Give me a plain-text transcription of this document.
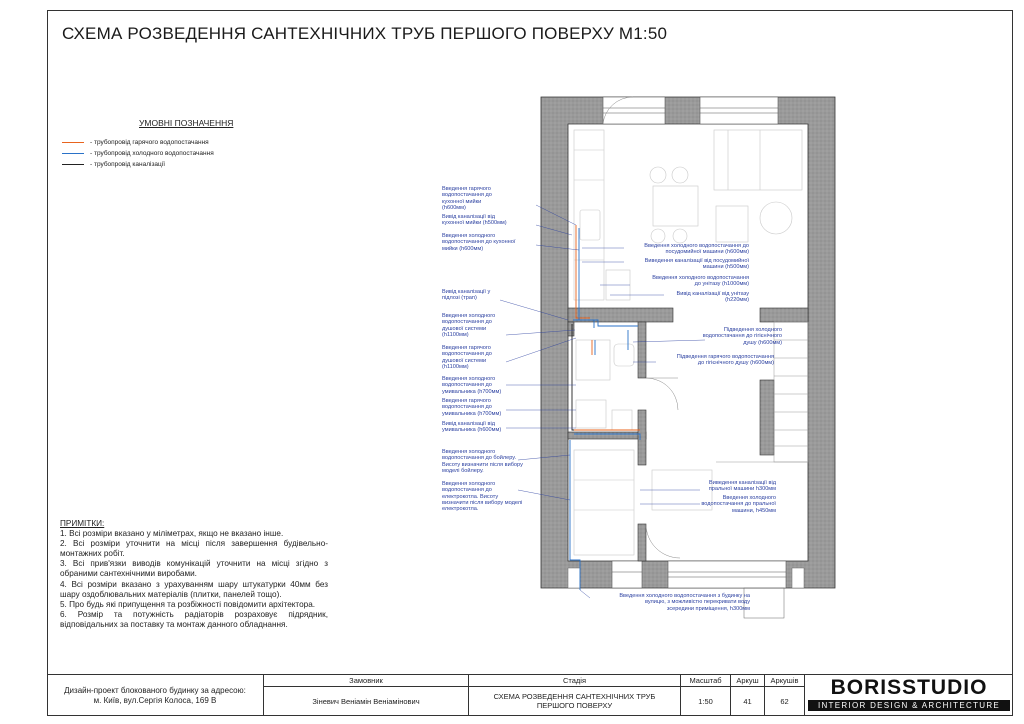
СХЕМА РОЗВЕДЕННЯ САНТЕХНІЧНИХ ТРУБ ПЕРШОГО ПОВЕРХУ М1:50
УМОВНІ ПОЗНАЧЕННЯ
- трубопровід гарячого водопостачання
- трубопровід холодного водопостачання
- трубопровід каналізації
Введення гарячого
водопостачання до
кухонної мийки
(h600мм)
Вивід каналізації від
кухонної мийки (h500мм)
Введення холодного
водопостачання до кухонної
мийки (h600мм)	Введення холодного водопостачання до
посудомийної машини (h600мм)
Виведення каналізації від посудомийної
машини (h500мм)
Введення холодного водопостачання
до унітазу (h1000мм)
Вивід каналізації від унітазу
(h220мм)
Вивід каналізації у
підлозі (трап)
Введення холодного
водопостачання до
душової системи
(h1100мм)
Введення гарячого
водопостачання до
душової системи
(h1100мм)
Введення холодного
водопостачання до
умивальника (h700мм)
Введення гарячого
водопостачання до
умивальника (h700мм)
Вивід каналізації від
умивальника (h600мм)
Підведення холодного
водопостачання до гігієнічного
душу (h600мм)
Підведення гарячого водопостачання
до гігієнічного душу (h600мм)
Введення холодного
водопостачання до бойлеру.
Висоту визначити після вибору
моделі бойлеру.
Введення холодного
водопостачання до
електрокотла. Висоту
визначити після вибору моделі
електрокотла.
Виведення каналізації від
пральної машини h300мм
Введення холодного
водопостачання до пральної
машини, h450мм
Введення холодного водопостачання з будинку на
вулицю, з можливістю перекривати воду
зсередини приміщення, h300мм
ПРИМІТКИ:

1. Всі розміри вказано у міліметрах, якщо не вказано інше.

2. Всі розміри уточнити на місці після завершення будівельно-монтажних робіт.

3. Всі прив'язки виводів комунікацій уточнити на місці згідно з обраними сантехнічними виробами.

4. Всі розміри вказано з урахуванням шару штукатурки 40мм без шару оздоблювальних матеріалів (плитки, панелей тощо).

5. Про будь які припущення та розбіжності повідомити архітектора.

6. Розмір та потужність радіаторів розраховує підрядник, відповідальних за поставку та монтаж данного обладнання.

Дизайн-проект блокованого будинку за адресою: м. Київ, вул.Сергія Колоса, 169 В
Замовник
Зіневич Веніамін Веніамінович
Стадія
СХЕМА РОЗВЕДЕННЯ САНТЕХНІЧНИХ ТРУБ ПЕРШОГО ПОВЕРХУ
Масштаб
1:50
Аркуш
41
Аркушів
62
BORISSTUDIO
INTERIOR DESIGN & ARCHITECTURE
